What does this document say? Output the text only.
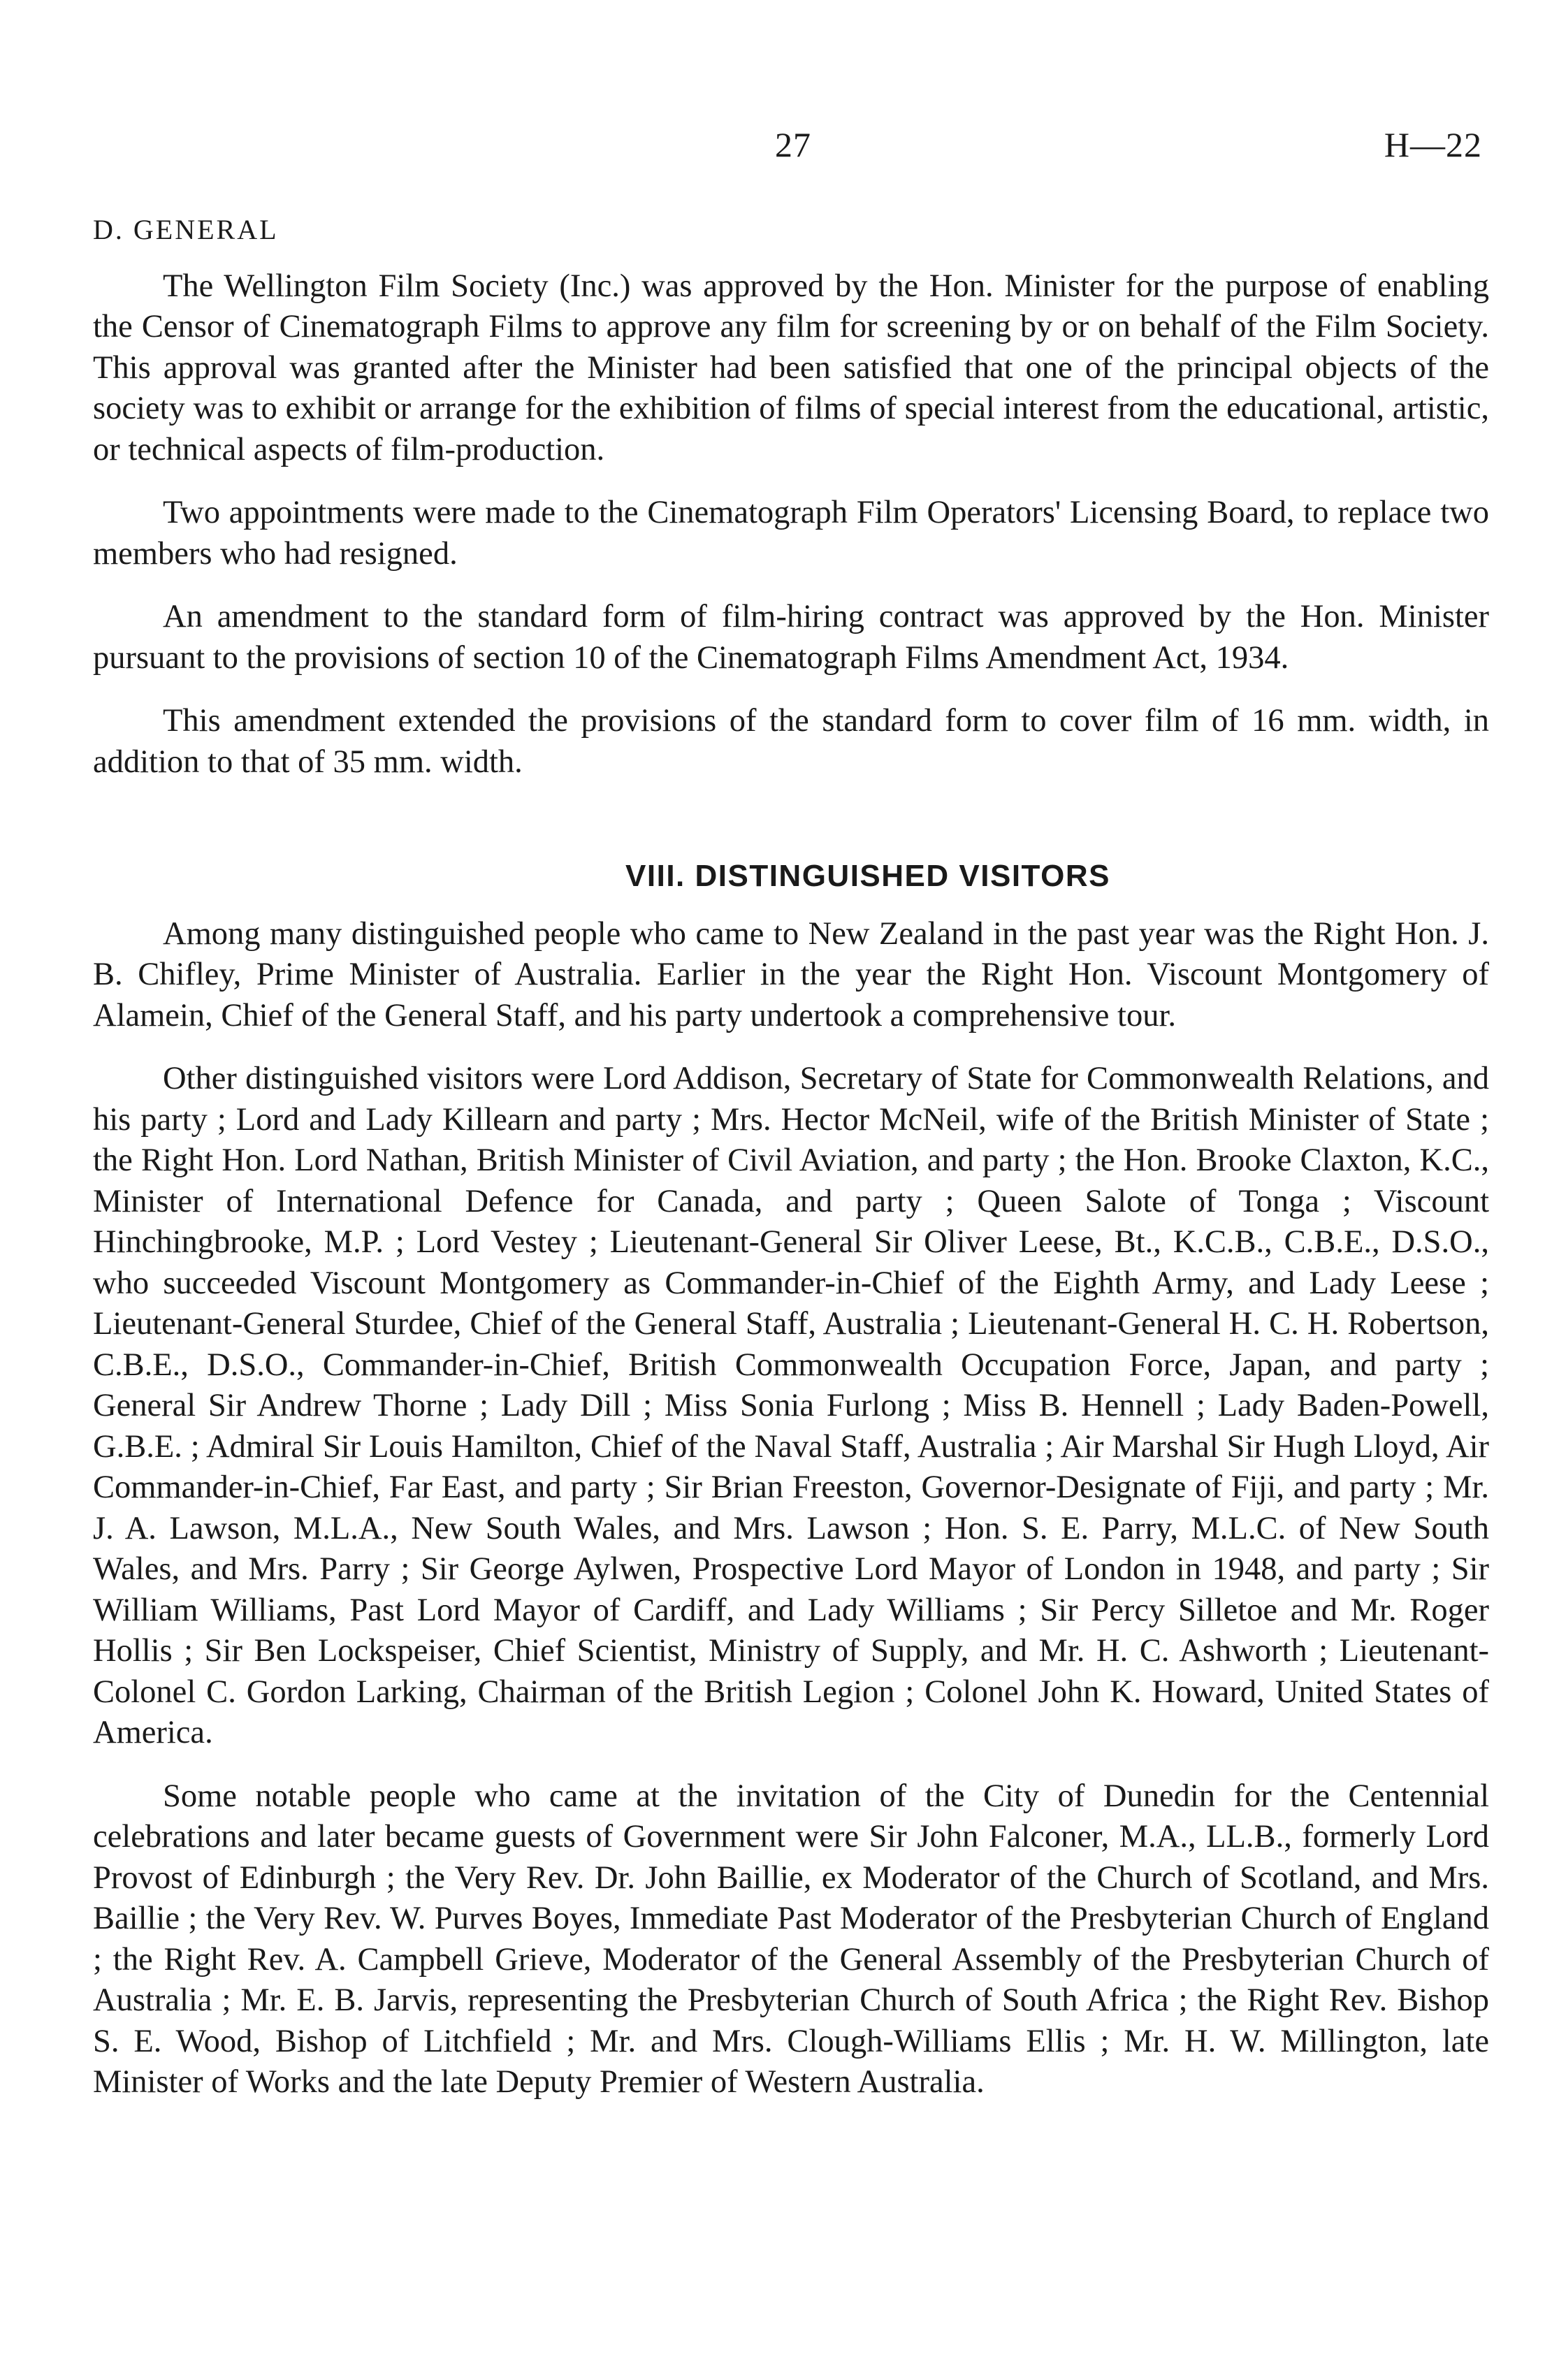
27	H—22
D. GENERAL

The Wellington Film Society (Inc.) was approved by the Hon. Minister for the purpose of enabling the Censor of Cinematograph Films to approve any film for screening by or on behalf of the Film Society. This approval was granted after the Minister had been satisfied that one of the principal objects of the society was to exhibit or arrange for the exhibition of films of special interest from the educational, artistic, or technical aspects of film-production.

Two appointments were made to the Cinematograph Film Operators' Licensing Board, to replace two members who had resigned.

An amendment to the standard form of film-hiring contract was approved by the Hon. Minister pursuant to the provisions of section 10 of the Cinematograph Films Amendment Act, 1934.

This amendment extended the provisions of the standard form to cover film of 16 mm. width, in addition to that of 35 mm. width.

VIII. DISTINGUISHED VISITORS

Among many distinguished people who came to New Zealand in the past year was the Right Hon. J. B. Chifley, Prime Minister of Australia. Earlier in the year the Right Hon. Viscount Montgomery of Alamein, Chief of the General Staff, and his party undertook a comprehensive tour.

Other distinguished visitors were Lord Addison, Secretary of State for Commonwealth Relations, and his party ; Lord and Lady Killearn and party ; Mrs. Hector McNeil, wife of the British Minister of State ; the Right Hon. Lord Nathan, British Minister of Civil Aviation, and party ; the Hon. Brooke Claxton, K.C., Minister of International Defence for Canada, and party ; Queen Salote of Tonga ; Viscount Hinchingbrooke, M.P. ; Lord Vestey ; Lieutenant-General Sir Oliver Leese, Bt., K.C.B., C.B.E., D.S.O., who succeeded Viscount Montgomery as Commander-in-Chief of the Eighth Army, and Lady Leese ; Lieutenant-General Sturdee, Chief of the General Staff, Australia ; Lieutenant-General H. C. H. Robertson, C.B.E., D.S.O., Commander-in-Chief, British Commonwealth Occupation Force, Japan, and party ; General Sir Andrew Thorne ; Lady Dill ; Miss Sonia Furlong ; Miss B. Hennell ; Lady Baden-Powell, G.B.E. ; Admiral Sir Louis Hamilton, Chief of the Naval Staff, Australia ; Air Marshal Sir Hugh Lloyd, Air Commander-in-Chief, Far East, and party ; Sir Brian Freeston, Governor-Designate of Fiji, and party ; Mr. J. A. Lawson, M.L.A., New South Wales, and Mrs. Lawson ; Hon. S. E. Parry, M.L.C. of New South Wales, and Mrs. Parry ; Sir George Aylwen, Prospective Lord Mayor of London in 1948, and party ; Sir William Williams, Past Lord Mayor of Cardiff, and Lady Williams ; Sir Percy Silletoe and Mr. Roger Hollis ; Sir Ben Lockspeiser, Chief Scientist, Ministry of Supply, and Mr. H. C. Ashworth ; Lieutenant-Colonel C. Gordon Larking, Chairman of the British Legion ; Colonel John K. Howard, United States of America.

Some notable people who came at the invitation of the City of Dunedin for the Centennial celebrations and later became guests of Government were Sir John Falconer, M.A., LL.B., formerly Lord Provost of Edinburgh ; the Very Rev. Dr. John Baillie, ex Moderator of the Church of Scotland, and Mrs. Baillie ; the Very Rev. W. Purves Boyes, Immediate Past Moderator of the Presbyterian Church of England ; the Right Rev. A. Campbell Grieve, Moderator of the General Assembly of the Presbyterian Church of Australia ; Mr. E. B. Jarvis, representing the Presbyterian Church of South Africa ; the Right Rev. Bishop S. E. Wood, Bishop of Litchfield ; Mr. and Mrs. Clough-Williams Ellis ; Mr. H. W. Millington, late Minister of Works and the late Deputy Premier of Western Australia.
